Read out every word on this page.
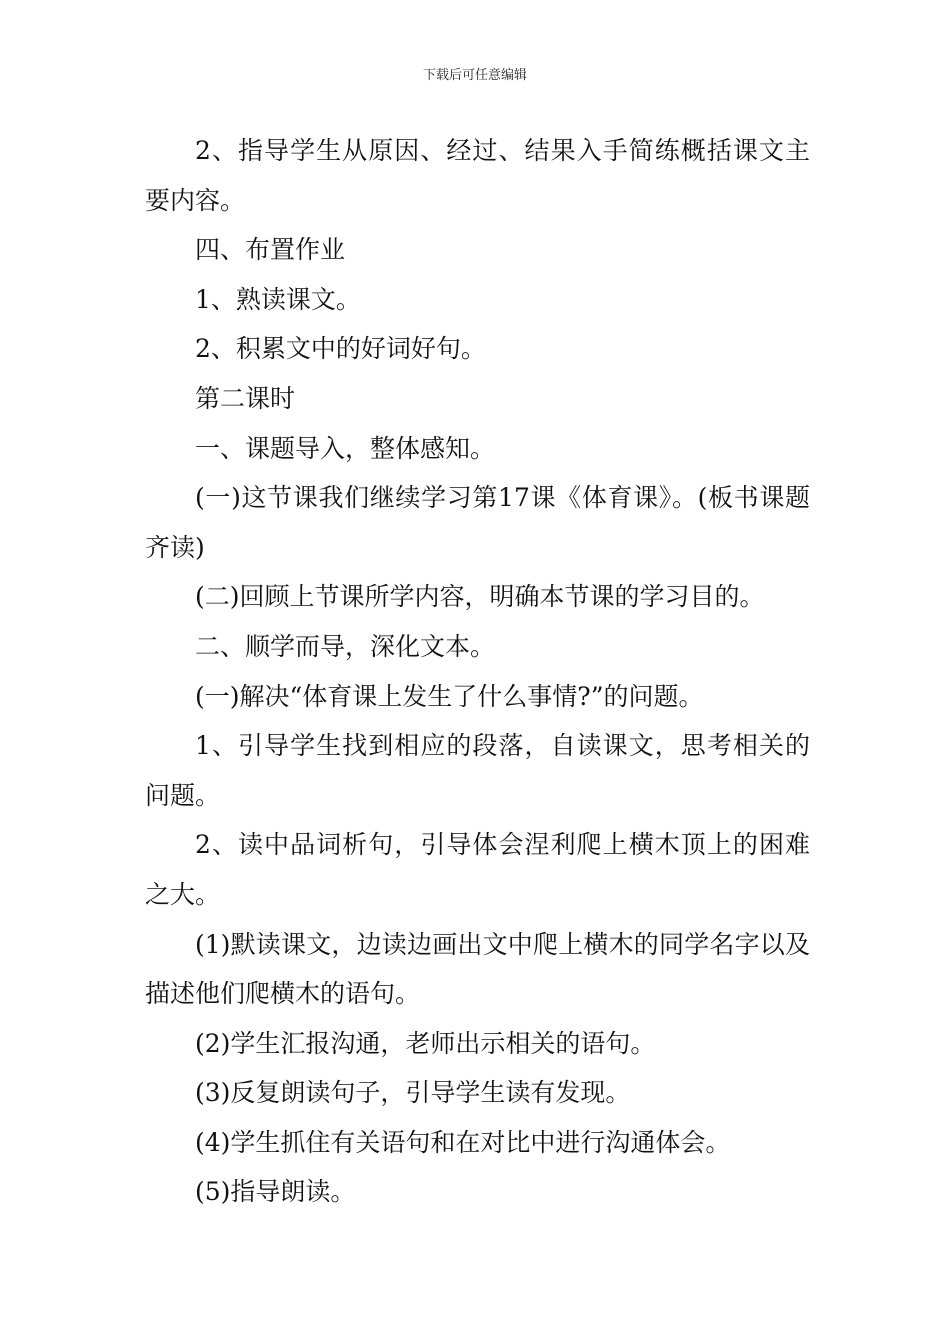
下载后可任意编辑

2、指导学生从原因、经过、结果入手简练概括课文主要内容。

四、布置作业

1、熟读课文。

2、积累文中的好词好句。

第二课时

一、课题导入，整体感知。

(一)这节课我们继续学习第17课《体育课》。(板书课题齐读)

(二)回顾上节课所学内容，明确本节课的学习目的。

二、顺学而导，深化文本。

(一)解决“体育课上发生了什么事情?”的问题。

1、引导学生找到相应的段落，自读课文，思考相关的问题。

2、读中品词析句，引导体会涅利爬上横木顶上的困难之大。

(1)默读课文，边读边画出文中爬上横木的同学名字以及描述他们爬横木的语句。

(2)学生汇报沟通，老师出示相关的语句。

(3)反复朗读句子，引导学生读有发现。

(4)学生抓住有关语句和在对比中进行沟通体会。

(5)指导朗读。
